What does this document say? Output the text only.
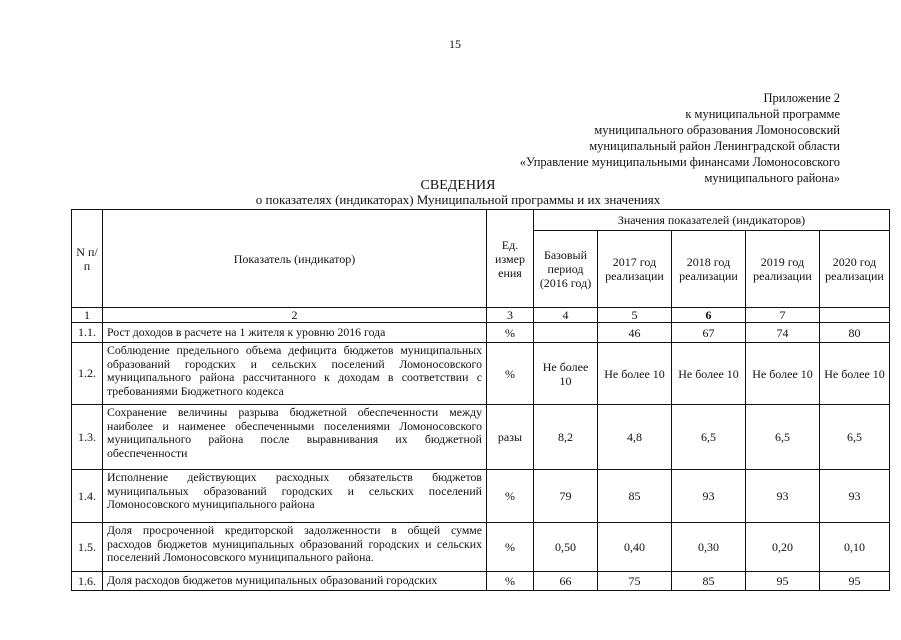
15
Приложение 2
к муниципальной программе
муниципального образования Ломоносовский
муниципальный район Ленинградской области
«Управление муниципальными финансами Ломоносовского
муниципального района»
СВЕДЕНИЯ
о показателях (индикаторах) Муниципальной программы и их значениях
N п/п	Показатель (индикатор)	Ед. измер ения	Значения показателей (индикаторов)				
			Базовый период (2016 год)	2017 год реализации	2018 год реализации	2019 год реализации	2020 год реализации
1	2	3	4	5	6	7	
1.1.	Рост доходов в расчете на 1 жителя к уровню 2016 года	%		46	67	74	80
1.2.	Соблюдение предельного объема дефицита бюджетов муниципальных образований городских и сельских поселений Ломоносовского муниципального района рассчитанного к доходам в соответствии с требованиями Бюджетного кодекса	%	Не более 10	Не более 10	Не более 10	Не более 10	Не более 10
1.3.	Сохранение величины разрыва бюджетной обеспеченности между наиболее и наименее обеспеченными поселениями Ломоносовского муниципального района после выравнивания их бюджетной обеспеченности	разы	8,2	4,8	6,5	6,5	6,5
1.4.	Исполнение действующих расходных обязательств бюджетов муниципальных образований городских и сельских поселений Ломоносовского муниципального района	%	79	85	93	93	93
1.5.	Доля просроченной кредиторской задолженности в общей сумме расходов бюджетов муниципальных образований городских и сельских поселений Ломоносовского муниципального района.	%	0,50	0,40	0,30	0,20	0,10
1.6.	Доля расходов бюджетов муниципальных образований городских	%	66	75	85	95	95
